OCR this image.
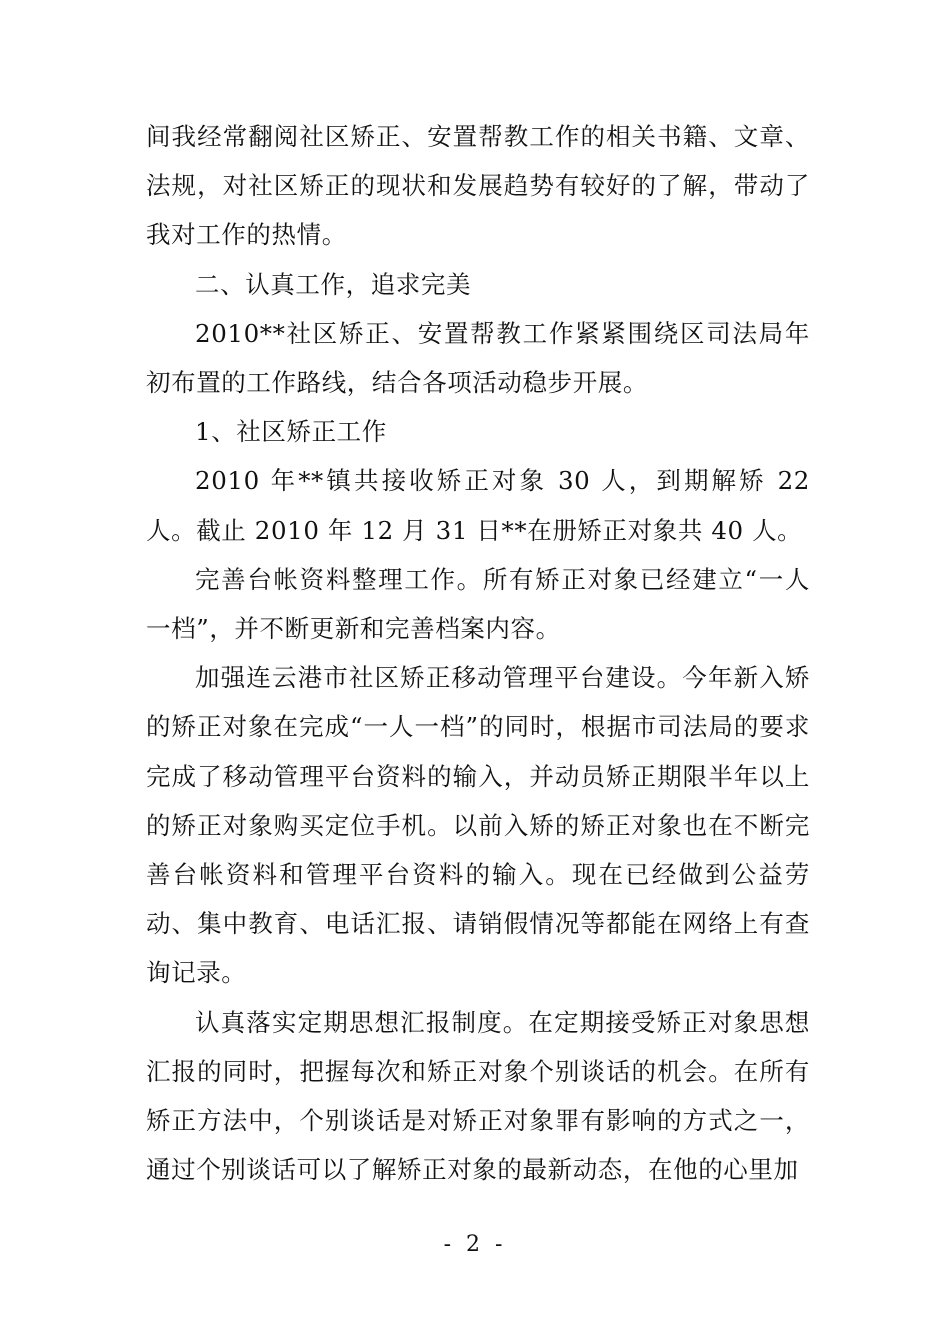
间我经常翻阅社区矫正、安置帮教工作的相关书籍、文章、法规，对社区矫正的现状和发展趋势有较好的了解，带动了我对工作的热情。

二、认真工作，追求完美

2010**社区矫正、安置帮教工作紧紧围绕区司法局年初布置的工作路线，结合各项活动稳步开展。

1、社区矫正工作

2010 年**镇共接收矫正对象 30 人，到期解矫 22 人。截止 2010 年 12 月 31 日**在册矫正对象共 40 人。

完善台帐资料整理工作。所有矫正对象已经建立“一人一档”，并不断更新和完善档案内容。

加强连云港市社区矫正移动管理平台建设。今年新入矫的矫正对象在完成“一人一档”的同时，根据市司法局的要求完成了移动管理平台资料的输入，并动员矫正期限半年以上的矫正对象购买定位手机。以前入矫的矫正对象也在不断完善台帐资料和管理平台资料的输入。现在已经做到公益劳动、集中教育、电话汇报、请销假情况等都能在网络上有查询记录。

认真落实定期思想汇报制度。在定期接受矫正对象思想汇报的同时，把握每次和矫正对象个别谈话的机会。在所有矫正方法中，个别谈话是对矫正对象罪有影响的方式之一，通过个别谈话可以了解矫正对象的最新动态，在他的心里加

- 2 -
